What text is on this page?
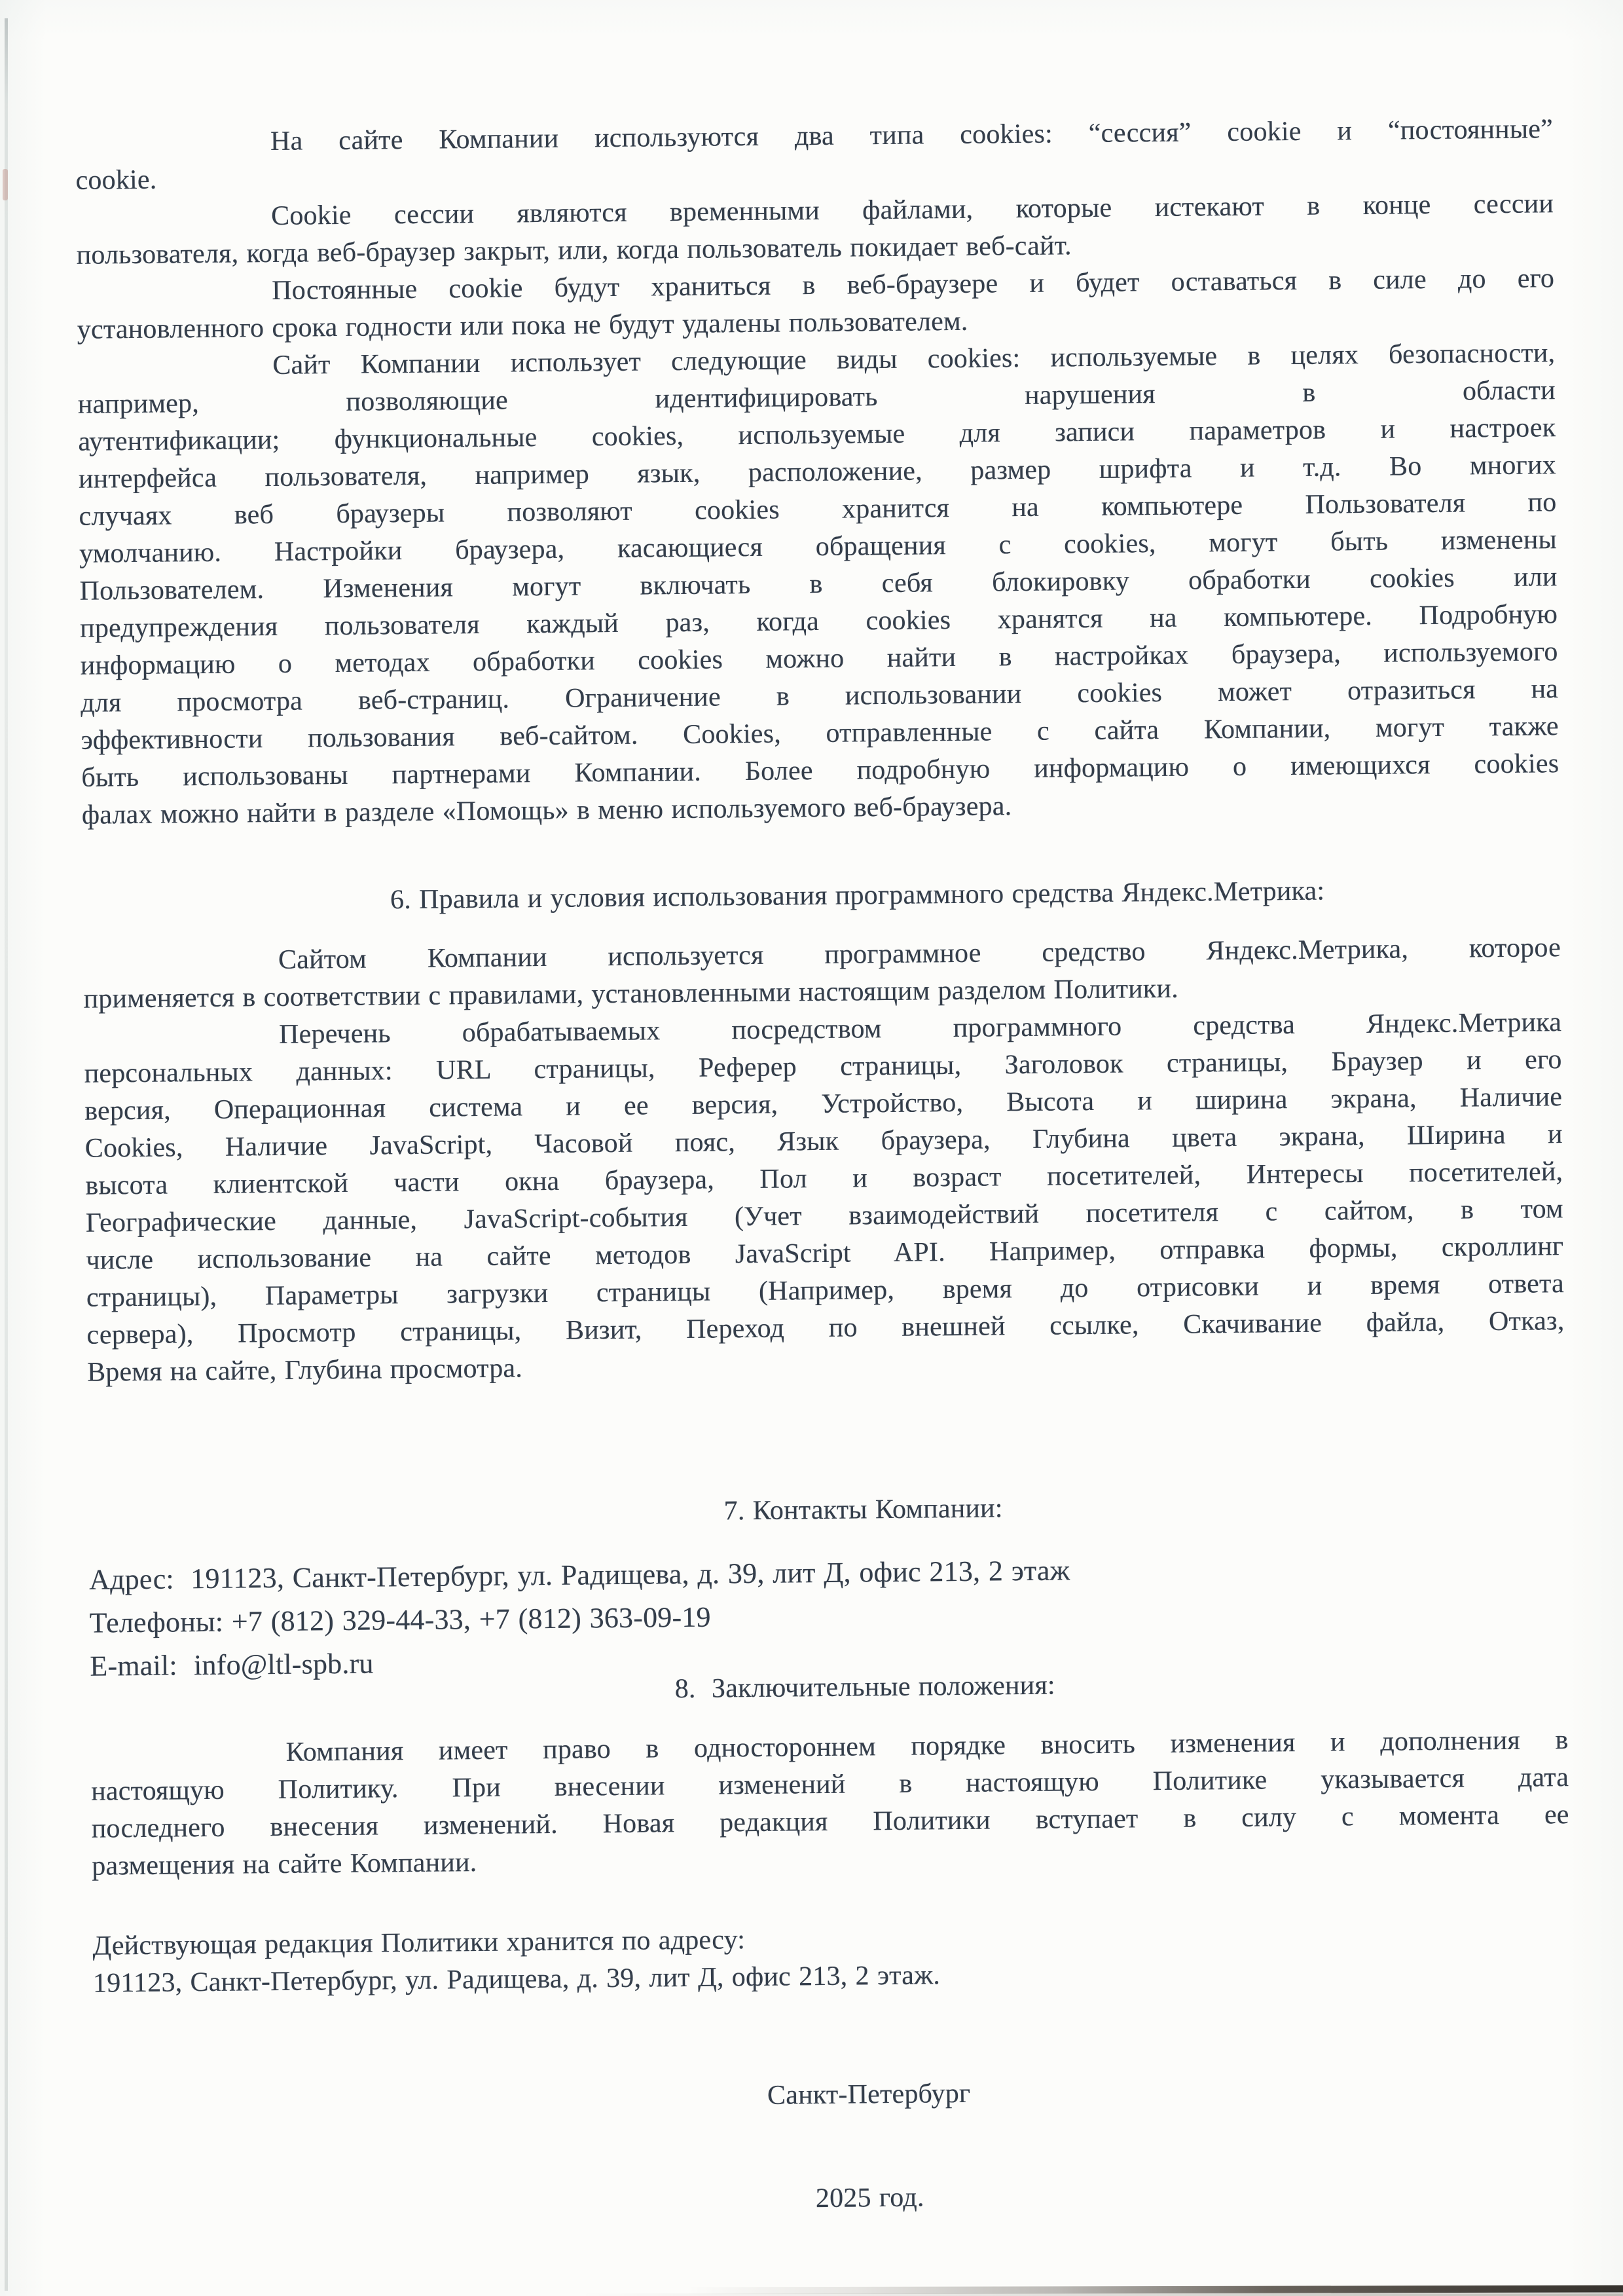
На сайте Компании используются два типа cookies: “сессия” cookie и “постоянные”
cookie.
Cookie сессии являются временными файлами, которые истекают в конце сессии
пользователя, когда веб-браузер закрыт, или, когда пользователь покидает веб-сайт.
Постоянные cookie будут храниться в веб-браузере и будет оставаться в силе до его
установленного срока годности или пока не будут удалены пользователем.
Сайт Компании использует следующие виды cookies: используемые в целях безопасности,
например, позволяющие идентифицировать нарушения в области
аутентификации; функциональные cookies, используемые для записи параметров и настроек
интерфейса пользователя, например язык, расположение, размер шрифта и т.д. Во многих
случаях веб браузеры позволяют cookies хранится на компьютере Пользователя по
умолчанию. Настройки браузера, касающиеся обращения с cookies, могут быть изменены
Пользователем. Изменения могут включать в себя блокировку обработки cookies или
предупреждения пользователя каждый раз, когда cookies хранятся на компьютере. Подробную
информацию о методах обработки cookies можно найти в настройках браузера, используемого
для просмотра веб-страниц. Ограничение в использовании cookies может отразиться на
эффективности пользования веб-сайтом. Cookies, отправленные с сайта Компании, могут также
быть использованы партнерами Компании. Более подробную информацию о имеющихся cookies
фалах можно найти в разделе «Помощь» в меню используемого веб-браузера.
6. Правила и условия использования программного средства Яндекс.Метрика:
Сайтом Компании используется программное средство Яндекс.Метрика, которое
применяется в соответствии с правилами, установленными настоящим разделом Политики.
Перечень обрабатываемых посредством программного средства Яндекс.Метрика
персональных данных: URL страницы, Реферер страницы, Заголовок страницы, Браузер и его
версия, Операционная система и ее версия, Устройство, Высота и ширина экрана, Наличие
Cookies, Наличие JavaScript, Часовой пояс, Язык браузера, Глубина цвета экрана, Ширина и
высота клиентской части окна браузера, Пол и возраст посетителей, Интересы посетителей,
Географические данные, JavaScript-события (Учет взаимодействий посетителя с сайтом, в том
числе использование на сайте методов JavaScript API. Например, отправка формы, скроллинг
страницы), Параметры загрузки страницы (Например, время до отрисовки и время ответа
сервера), Просмотр страницы, Визит, Переход по внешней ссылке, Скачивание файла, Отказ,
Время на сайте, Глубина просмотра.
7. Контакты Компании:
Адрес:  191123, Санкт-Петербург, ул. Радищева, д. 39, лит Д, офис 213, 2 этаж
Телефоны: +7 (812) 329-44-33, +7 (812) 363-09-19
E-mail:  info@ltl-spb.ru
8.  Заключительные положения:
Компания имеет право в одностороннем порядке вносить изменения и дополнения в
настоящую Политику. При внесении изменений в настоящую Политике указывается дата
последнего внесения изменений. Новая редакция Политики вступает в силу с момента ее
размещения на сайте Компании.
Действующая редакция Политики хранится по адресу:
191123, Санкт-Петербург, ул. Радищева, д. 39, лит Д, офис 213, 2 этаж.
Санкт-Петербург
2025 год.
